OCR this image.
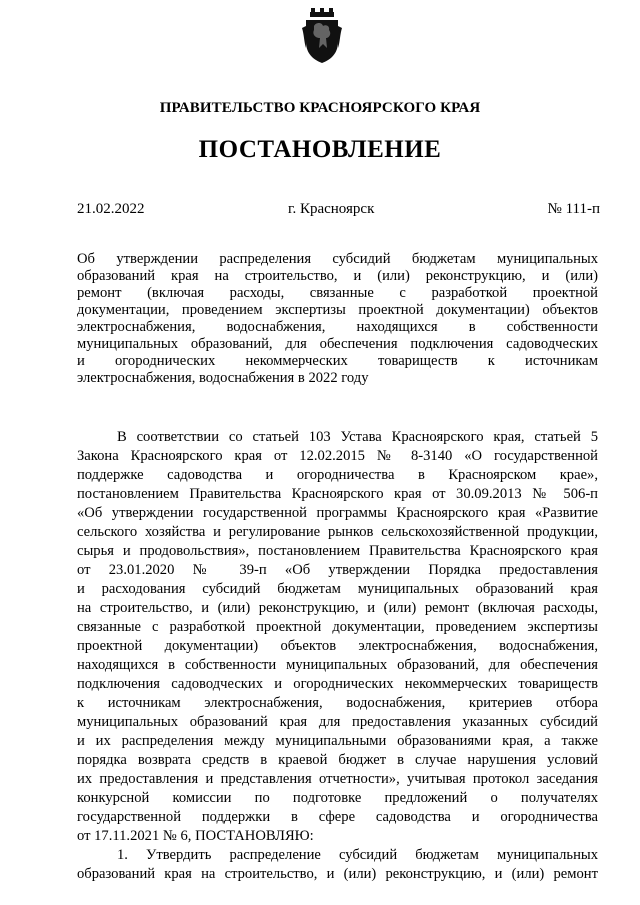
ПРАВИТЕЛЬСТВО КРАСНОЯРСКОГО КРАЯ
ПОСТАНОВЛЕНИЕ
21.02.2022	г. Красноярск	№ 111-п
Об утверждении распределения субсидий бюджетам муниципальных
образований края на строительство, и (или) реконструкцию, и (или)
ремонт (включая расходы, связанные с разработкой проектной
документации, проведением экспертизы проектной документации) объектов
электроснабжения, водоснабжения, находящихся в собственности
муниципальных образований, для обеспечения подключения садоводческих
и огороднических некоммерческих товариществ к источникам
электроснабжения, водоснабжения в 2022 году
В соответствии со статьей 103 Устава Красноярского края, статьей 5
Закона Красноярского края от 12.02.2015 № 8-3140 «О государственной
поддержке садоводства и огородничества в Красноярском крае»,
постановлением Правительства Красноярского края от 30.09.2013 № 506-п
«Об утверждении государственной программы Красноярского края «Развитие
сельского хозяйства и регулирование рынков сельскохозяйственной продукции,
сырья и продовольствия», постановлением Правительства Красноярского края
от 23.01.2020 № 39-п «Об утверждении Порядка предоставления
и расходования субсидий бюджетам муниципальных образований края
на строительство, и (или) реконструкцию, и (или) ремонт (включая расходы,
связанные с разработкой проектной документации, проведением экспертизы
проектной документации) объектов электроснабжения, водоснабжения,
находящихся в собственности муниципальных образований, для обеспечения
подключения садоводческих и огороднических некоммерческих товариществ
к источникам электроснабжения, водоснабжения, критериев отбора
муниципальных образований края для предоставления указанных субсидий
и их распределения между муниципальными образованиями края, а также
порядка возврата средств в краевой бюджет в случае нарушения условий
их предоставления и представления отчетности», учитывая протокол заседания
конкурсной комиссии по подготовке предложений о получателях
государственной поддержки в сфере садоводства и огородничества
от 17.11.2021 № 6, ПОСТАНОВЛЯЮ:
1. Утвердить распределение субсидий бюджетам муниципальных
образований края на строительство, и (или) реконструкцию, и (или) ремонт
